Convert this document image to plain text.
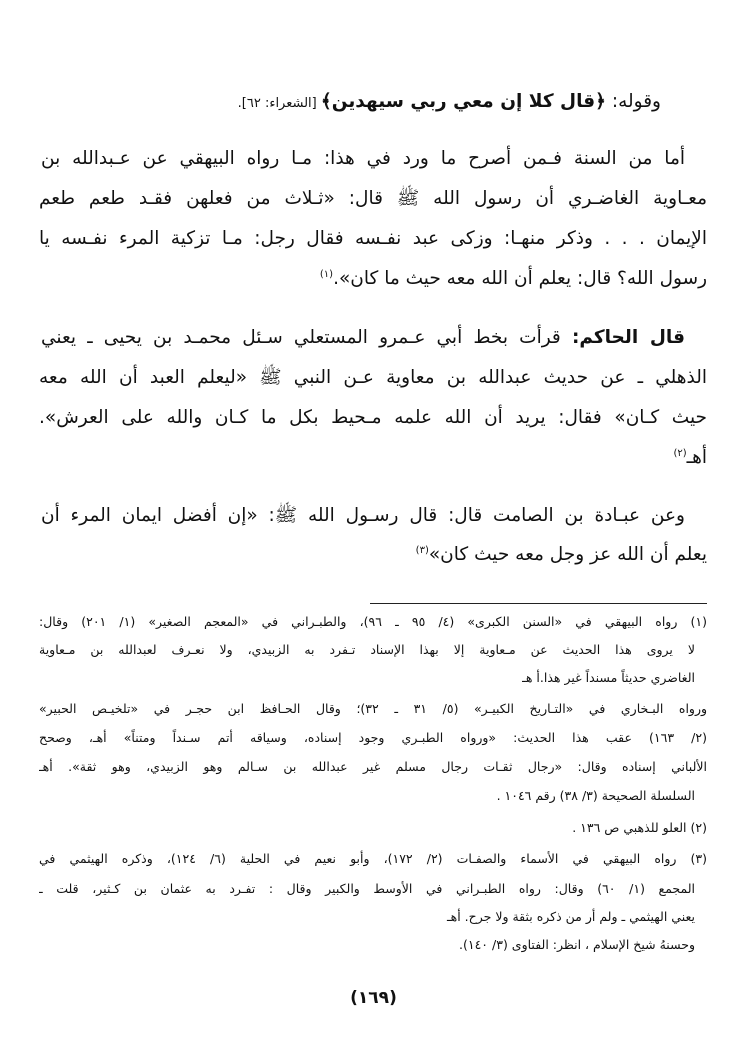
وقوله: ﴿قال كلا إن معي ربي سيهدين﴾ [الشعراء: ٦٢].
أما من السنة فـمن أصرح ما ورد في هذا: مـا رواه البيهقي عن عـبدالله بن
معـاوية الغاضـري أن رسول الله ﷺ قال: «ثـلاث من فعلهن فقـد طعم طعم
الإيمان . . . وذكر منهـا: وزكى عبد نفـسه فقال رجل: مـا تزكية المرء نفـسه يا
رسول الله؟ قال: يعلم أن الله معه حيث ما كان».$^{(١)}$
قال الحاكم: قرأت بخط أبي عـمرو المستعلي سـئل محمـد بن يحيى ـ يعني
الذهلي ـ عن حديث عبدالله بن معاوية عـن النبي ﷺ «ليعلم العبد أن الله معه
حيث كـان» فقال: يريد أن الله علمه مـحيط بكل ما كـان والله على العرش».
أهـ$^{(٢)}$
وعن عبـادة بن الصامت قال: قال رسـول الله ﷺ: «إن أفضل ايمان المرء أن
يعلم أن الله عز وجل معه حيث كان»$^{(٣)}$
(١) رواه البيهقي في «السنن الكبرى» (٤/ ٩٥ ـ ٩٦)، والطبـراني في «المعجم الصغير» (١/ ٢٠١) وقال:
لا يروى هذا الحديث عن مـعاوية إلا بهذا الإسناد تـفرد به الزبيدي، ولا نعـرف لعبدالله بن مـعاوية
الغاضري حديثاً مسنداً غير هذا.أ هـ
ورواه البـخاري في «التـاريخ الكبيـر» (٥/ ٣١ ـ ٣٢)؛ وقال الحـافظ ابن حجـر في «تلخيـص الحبير»
(٢/ ١٦٣) عقب هذا الحديث: «ورواه الطبـري وجود إسناده، وسياقه أتم سـنداً ومتناً» أهـ، وصحح
الألباني إسناده وقال: «رجال ثقـات رجال مسلم غير عبدالله بن سـالم وهو الزبيدي، وهو ثقة». أهـ
السلسلة الصحيحة (٣/ ٣٨) رقم ١٠٤٦ .
(٢) العلو للذهبي ص ١٣٦ .
(٣) رواه البيهقي في الأسماء والصفـات (٢/ ١٧٢)، وأبو نعيم في الحلية (٦/ ١٢٤)، وذكره الهيثمي في
المجمع (١/ ٦٠) وقال: رواه الطبـراني في الأوسط والكبير وقال : تفـرد به عثمان بن كـثير، قلت ـ
يعني الهيثمي ـ ولم أر من ذكره بثقة ولا جرح. أهـ
وحسنهُ شيخ الإسلام ، انظر: الفتاوى (٣/ ١٤٠).
(١٦٩)
